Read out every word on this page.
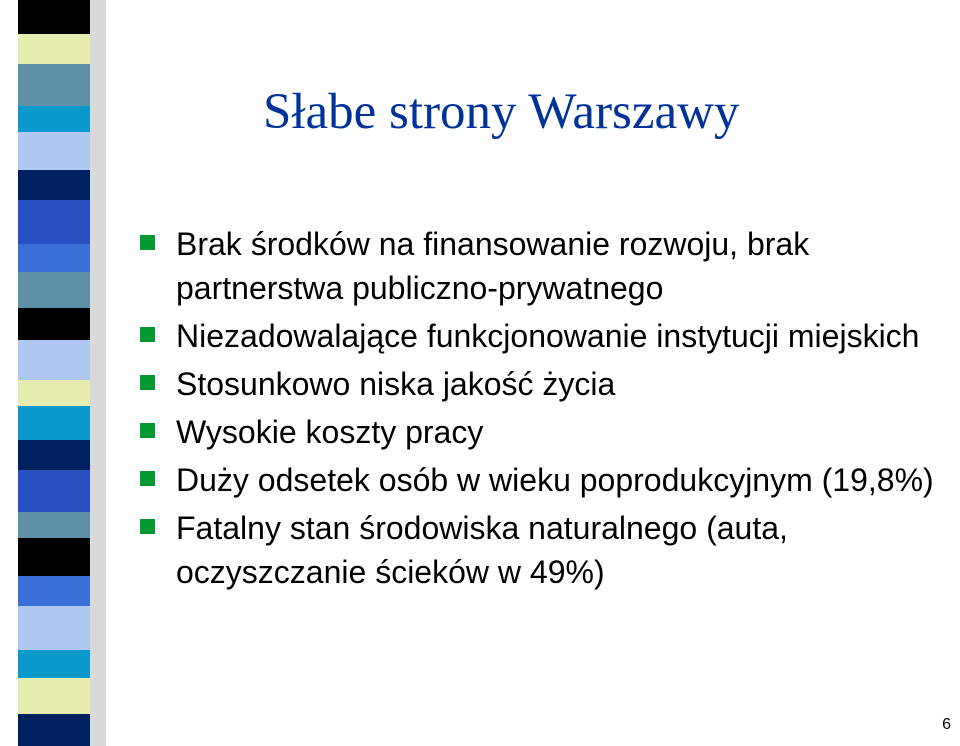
Słabe strony Warszawy
Brak środków na finansowanie rozwoju, brak partnerstwa publiczno-prywatnego
Niezadowalające funkcjonowanie instytucji miejskich
Stosunkowo niska jakość życia
Wysokie koszty pracy
Duży odsetek osób w wieku poprodukcyjnym (19,8%)
Fatalny stan środowiska naturalnego (auta, oczyszczanie ścieków w 49%)
6
